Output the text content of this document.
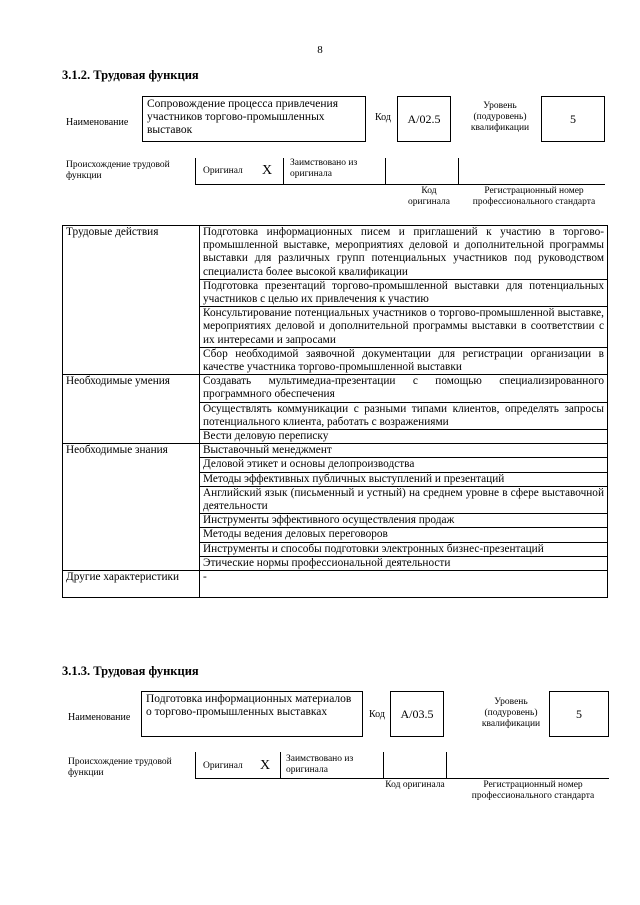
8
3.1.2. Трудовая функция
Наименование
Сопровождение процесса привлечения участников торгово-промышленных выставок
Код	A/02.5
Уровень (подуровень) квалификации
5
Происхождение трудовой функции	Оригинал X Заимствовано из оригинала
Код оригинала
Регистрационный номер профессионального стандарта
Трудовые действия	Подготовка информационных писем и приглашений к участию в торгово-промышленной выставке, мероприятиях деловой и дополнительной программы выставки для различных групп потенциальных участников под руководством специалиста более высокой квалификации
	Подготовка презентаций торгово-промышленной выставки для потенциальных участников с целью их привлечения к участию
	Консультирование потенциальных участников о торгово-промышленной выставке, мероприятиях деловой и дополнительной программы выставки в соответствии с их интересами и запросами
	Сбор необходимой заявочной документации для регистрации организации в качестве участника торгово-промышленной выставки
Необходимые умения	Создавать мультимедиа-презентации с помощью специализированного программного обеспечения
	Осуществлять коммуникации с разными типами клиентов, определять запросы потенциального клиента, работать с возражениями
	Вести деловую переписку
Необходимые знания	Выставочный менеджмент
	Деловой этикет и основы делопроизводства
	Методы эффективных публичных выступлений и презентаций
	Английский язык (письменный и устный) на среднем уровне в сфере выставочной деятельности
	Инструменты эффективного осуществления продаж
	Методы ведения деловых переговоров
	Инструменты и способы подготовки электронных бизнес-презентаций
	Этические нормы профессиональной деятельности
Другие характеристики	-
3.1.3. Трудовая функция
Наименование
Подготовка информационных материалов о торгово-промышленных выставках	Код	A/03.5
Уровень (подуровень) квалификации
5
Происхождение трудовой функции
Оригинал X Заимствовано из оригинала
Код оригинала	Регистрационный номер профессионального стандарта
